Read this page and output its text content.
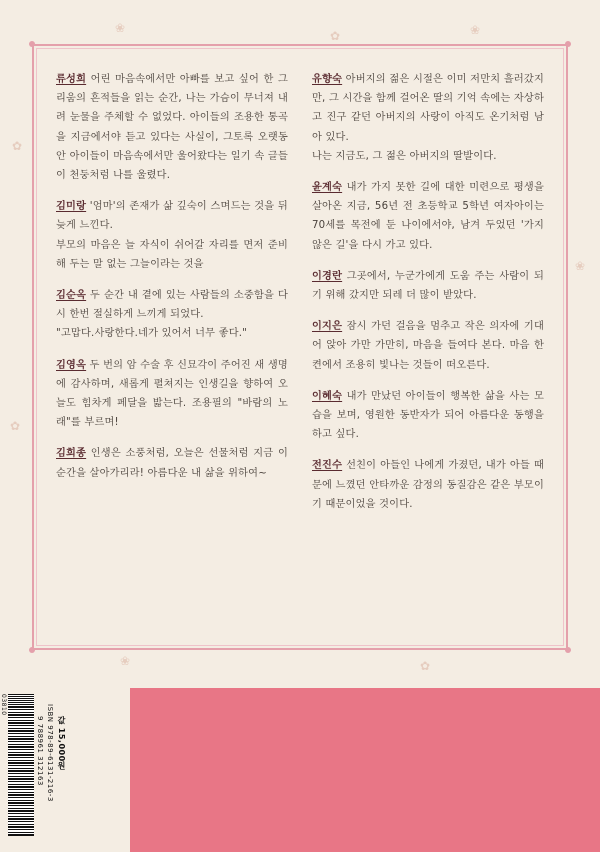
❀
✿	❀
✿
❀
✿
❀	✿

류성희 어린 마음속에서만 아빠를 보고 싶어 한 그리움의 흔적들을 읽는 순간, 나는 가슴이 무너져 내려 눈물을 주체할 수 없었다. 아이들의 조용한 통곡을 지금에서야 듣고 있다는 사실이, 그토록 오랫동안 아이들이 마음속에서만 울어왔다는 일기 속 글들이 천둥처럼 나를 울렸다.

김미랑 '엄마'의 존재가 삶 깊숙이 스며드는 것을 뒤늦게 느낀다.
부모의 마음은 늘 자식이 쉬어갈 자리를 면저 준비해 두는 말 없는 그늘이라는 것을

김순옥 두 순간 내 곁에 있는 사람들의 소중함을 다시 한번 절실하게 느끼게 되었다.
"고맙다.사랑한다.네가 있어서 너무 좋다."

김영옥 두 번의 암 수술 후 신묘각이 주어진 새 생명에 감사하며, 새롭게 펼쳐지는 인생길을 향하여 오늘도 힘차게 페달을 밟는다. 조용필의 "바람의 노래"를 부르며!

김희종 인생은 소풍처럼, 오늘은 선물처럼 지금 이 순간을 살아가리라! 아름다운 내 삶을 위하여~

유향숙 아버지의 젊은 시절은 이미 저만치 흘러갔지만, 그 시간을 함께 걸어온 딸의 기억 속에는 자상하고 진구 같던 아버지의 사랑이 아직도 온기처럼 남아 있다.
나는 지금도, 그 젊은 아버지의 딸발이다.

윤계숙 내가 가지 못한 길에 대한 미련으로 평생을 살아온 지금, 56년 전 초등학교 5학년 여자아이는 70세를 목전에 둔 나이에서야, 남겨 두었던 '가지 않은 길'을 다시 가고 있다.

이경란 그곳에서, 누군가에게 도움 주는 사람이 되기 위해 갔지만 되레 더 많이 받았다.

이지은 잠시 가던 걸음을 멈추고 작은 의자에 기대어 앉아 가만 가만히, 마음을 들여다 본다. 마음 한켠에서 조용히 빛나는 것들이 떠오른다.

이혜숙 내가 만났던 아이들이 행복한 삶을 사는 모습을 보며, 영원한 동반자가 되어 아름다운 동행을 하고 싶다.

전진수 선친이 아들인 나에게 가졌던, 내가 아들 때문에 느꼈던 안타까운 감정의 동질감은 같은 부모이기 때문이었을 것이다.

03810
9 788961 312163 ISBN 978-89-6131-216-3 값 15,000원
